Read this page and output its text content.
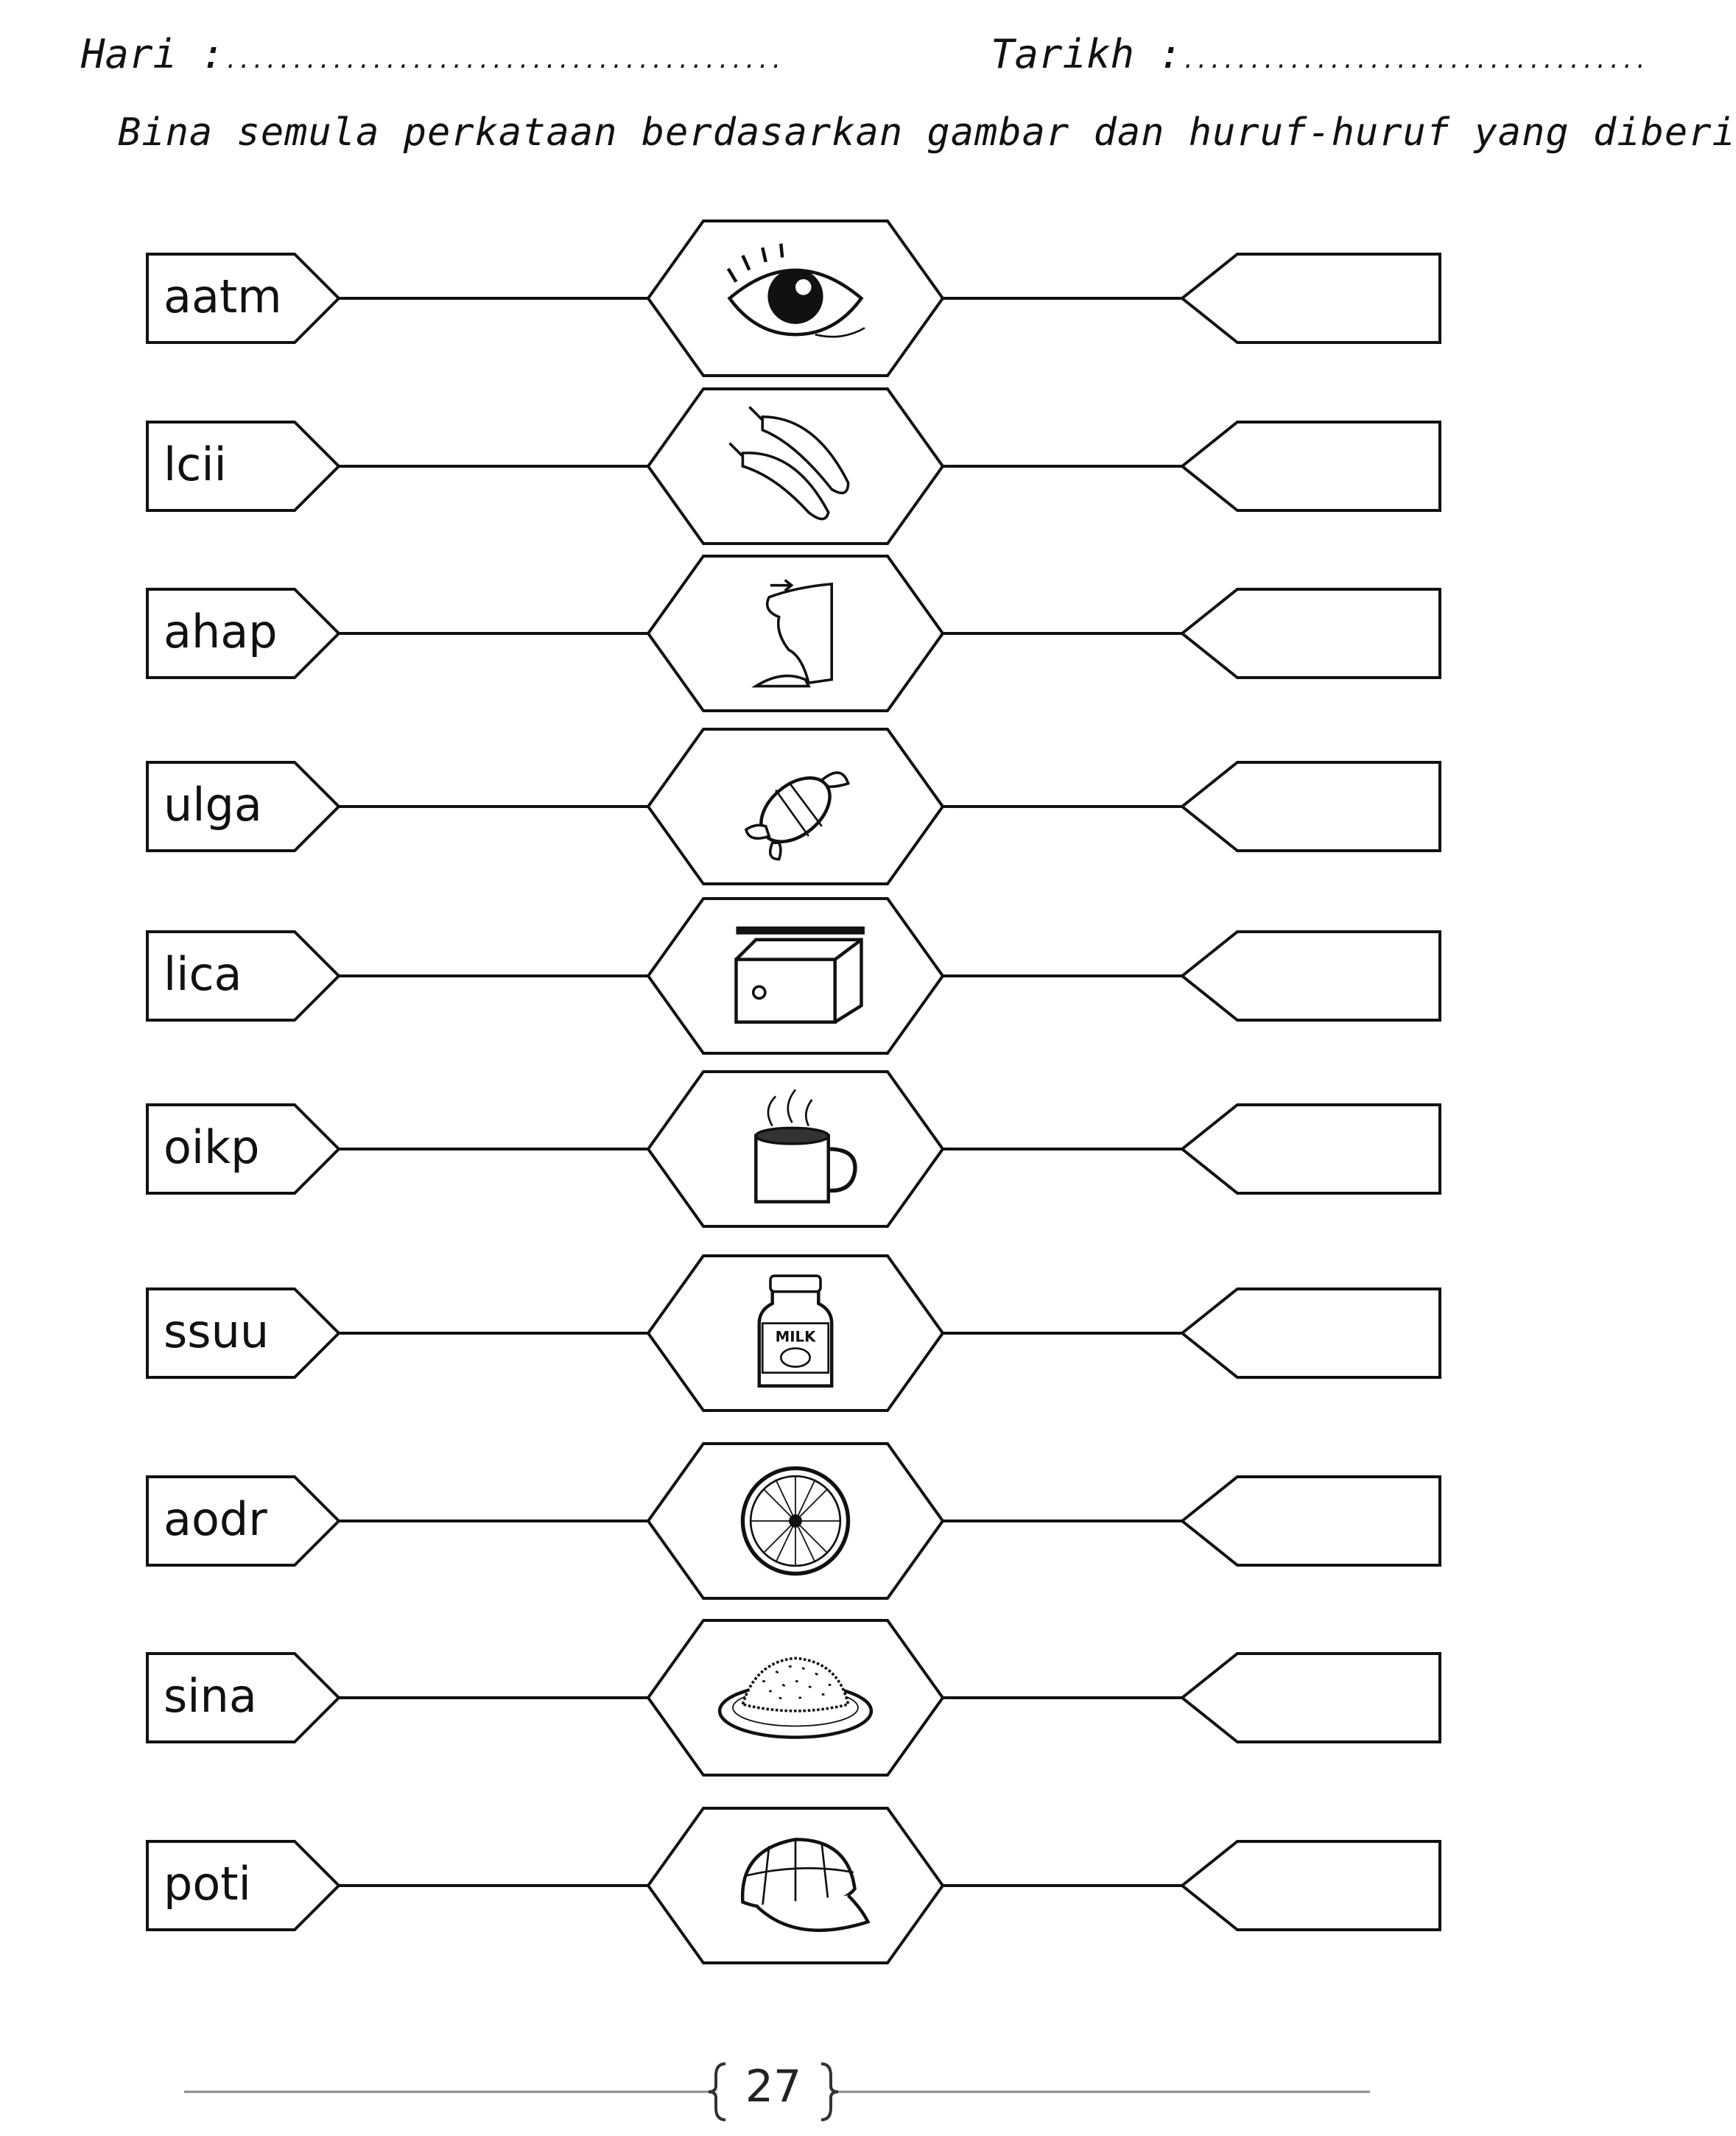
Hari :..........................................	Tarikh :...................................
Bina semula perkataan berdasarkan gambar dan huruf-huruf yang diberi
aatm
lcii
ahap
ulga
lica
oikp
ssuu	MILK
aodr
sina
poti
27
